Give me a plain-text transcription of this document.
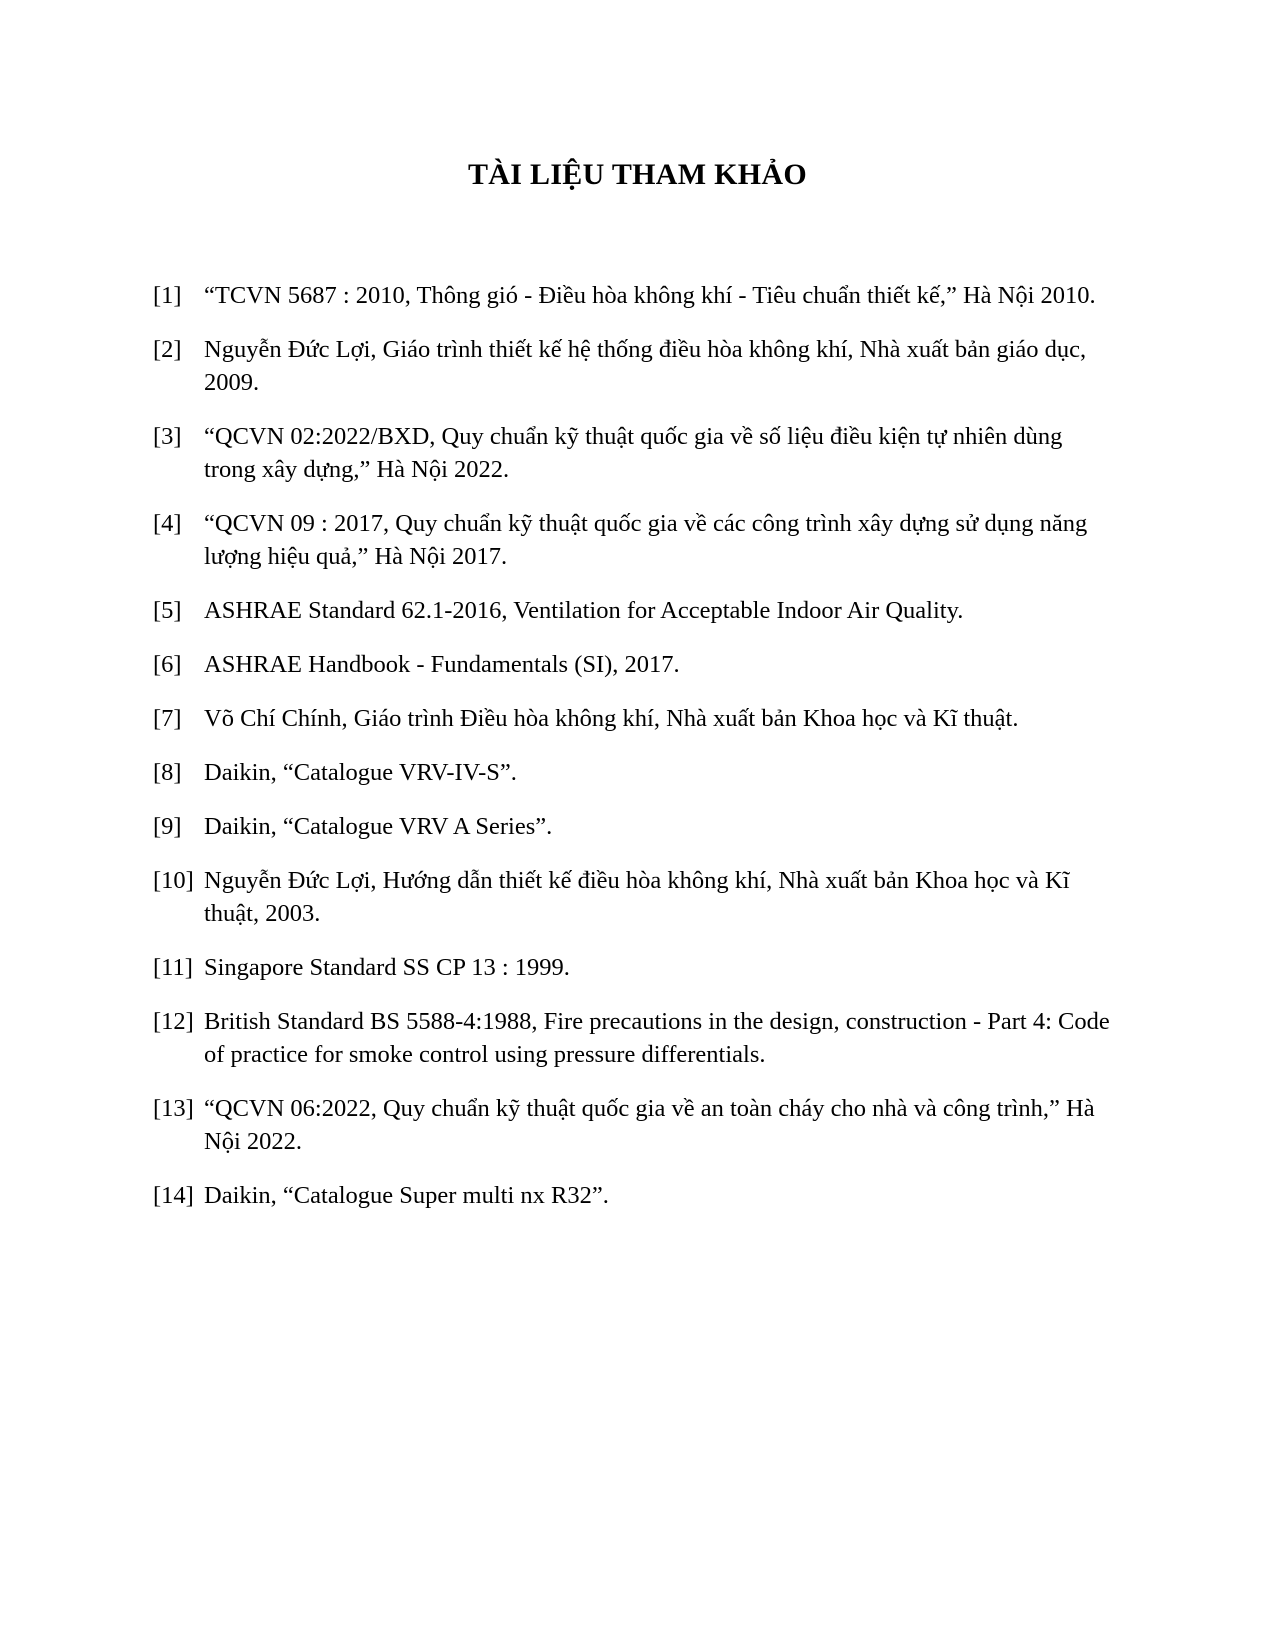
TÀI LIỆU THAM KHẢO
[1] “TCVN 5687 : 2010, Thông gió - Điều hòa không khí - Tiêu chuẩn thiết kế,” Hà Nội 2010.
[2] Nguyễn Đức Lợi, Giáo trình thiết kế hệ thống điều hòa không khí, Nhà xuất bản giáo dục, 2009.
[3] “QCVN 02:2022/BXD, Quy chuẩn kỹ thuật quốc gia về số liệu điều kiện tự nhiên dùng trong xây dựng,” Hà Nội 2022.
[4] “QCVN 09 : 2017, Quy chuẩn kỹ thuật quốc gia về các công trình xây dựng sử dụng năng lượng hiệu quả,” Hà Nội 2017.
[5] ASHRAE Standard 62.1-2016, Ventilation for Acceptable Indoor Air Quality.
[6] ASHRAE Handbook - Fundamentals (SI), 2017.
[7] Võ Chí Chính, Giáo trình Điều hòa không khí, Nhà xuất bản Khoa học và Kĩ thuật.
[8] Daikin, “Catalogue VRV-IV-S”.
[9] Daikin, “Catalogue VRV A Series”.
[10] Nguyễn Đức Lợi, Hướng dẫn thiết kế điều hòa không khí, Nhà xuất bản Khoa học và Kĩ thuật, 2003.
[11] Singapore Standard SS CP 13 : 1999.
[12] British Standard BS 5588-4:1988, Fire precautions in the design, construction - Part 4: Code of practice for smoke control using pressure differentials.
[13] “QCVN 06:2022, Quy chuẩn kỹ thuật quốc gia về an toàn cháy cho nhà và công trình,” Hà Nội 2022.
[14] Daikin, “Catalogue Super multi nx R32”.
